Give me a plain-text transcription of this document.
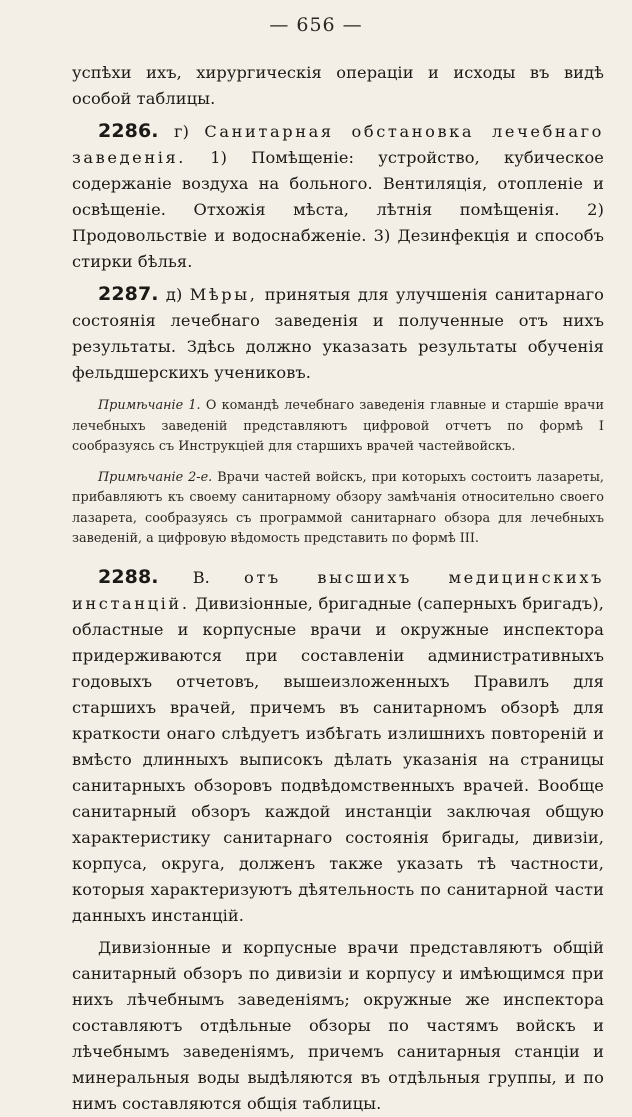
— 656 —

успѣхи ихъ, хирургическія операціи и исходы въ видѣ особой таблицы.

2286. г) Санитарная обстановка лечебнаго заведенія. 1) Помѣщеніе: устройство, кубическое содержаніе воздуха на больного. Вентиляція, отопленіе и освѣщеніе. Отхожія мѣста, лѣтнія помѣщенія. 2) Продовольствіе и водоснабженіе. 3) Дезинфекція и способъ стирки бѣлья.

2287. д) Мѣры, принятыя для улучшенія санитарнаго состоянія лечебнаго заведенія и полученные отъ нихъ результаты. Здѣсь должно указазать результаты обученія фельдшерскихъ учениковъ.

Примѣчаніе 1. О командѣ лечебнаго заведенія главные и старшіе врачи лечебныхъ заведеній представляютъ цифровой отчетъ по формѣ I сообразуясь съ Инструкціей для старшихъ врачей частейвойскъ.

Примѣчаніе 2-е. Врачи частей войскъ, при которыхъ состоитъ лазареты, прибавляютъ къ своему санитарному обзору замѣчанія относительно своего лазарета, сообразуясь съ программой санитарнаго обзора для лечебныхъ заведеній, а цифровую вѣдомость представить по формѣ III.

2288. В. отъ высшихъ медицинскихъ инстанцій. Дивизіонные, бригадные (саперныхъ бригадъ), областные и корпусные врачи и окружные инспектора придерживаются при составленіи административныхъ годовыхъ отчетовъ, вышеизложенныхъ Правилъ для старшихъ врачей, причемъ въ санитарномъ обзорѣ для краткости онаго слѣдуетъ избѣгать излишнихъ повтореній и вмѣсто длинныхъ выписокъ дѣлать указанія на страницы санитарныхъ обзоровъ подвѣдомственныхъ врачей. Вообще санитарный обзоръ каждой инстанціи заключая общую характеристику санитарнаго состоянія бригады, дивизіи, корпуса, округа, долженъ также указать тѣ частности, которыя характеризуютъ дѣятельность по санитарной части данныхъ инстанцій.

Дивизіонные и корпусные врачи представляютъ общій санитарный обзоръ по дивизіи и корпусу и имѣющимся при нихъ лѣчебнымъ заведеніямъ; окружные же инспектора составляютъ отдѣльные обзоры по частямъ войскъ и лѣчебнымъ заведеніямъ, причемъ санитарныя станціи и минеральныя воды выдѣляются въ отдѣльныя группы, и по нимъ составляются общія таблицы.
